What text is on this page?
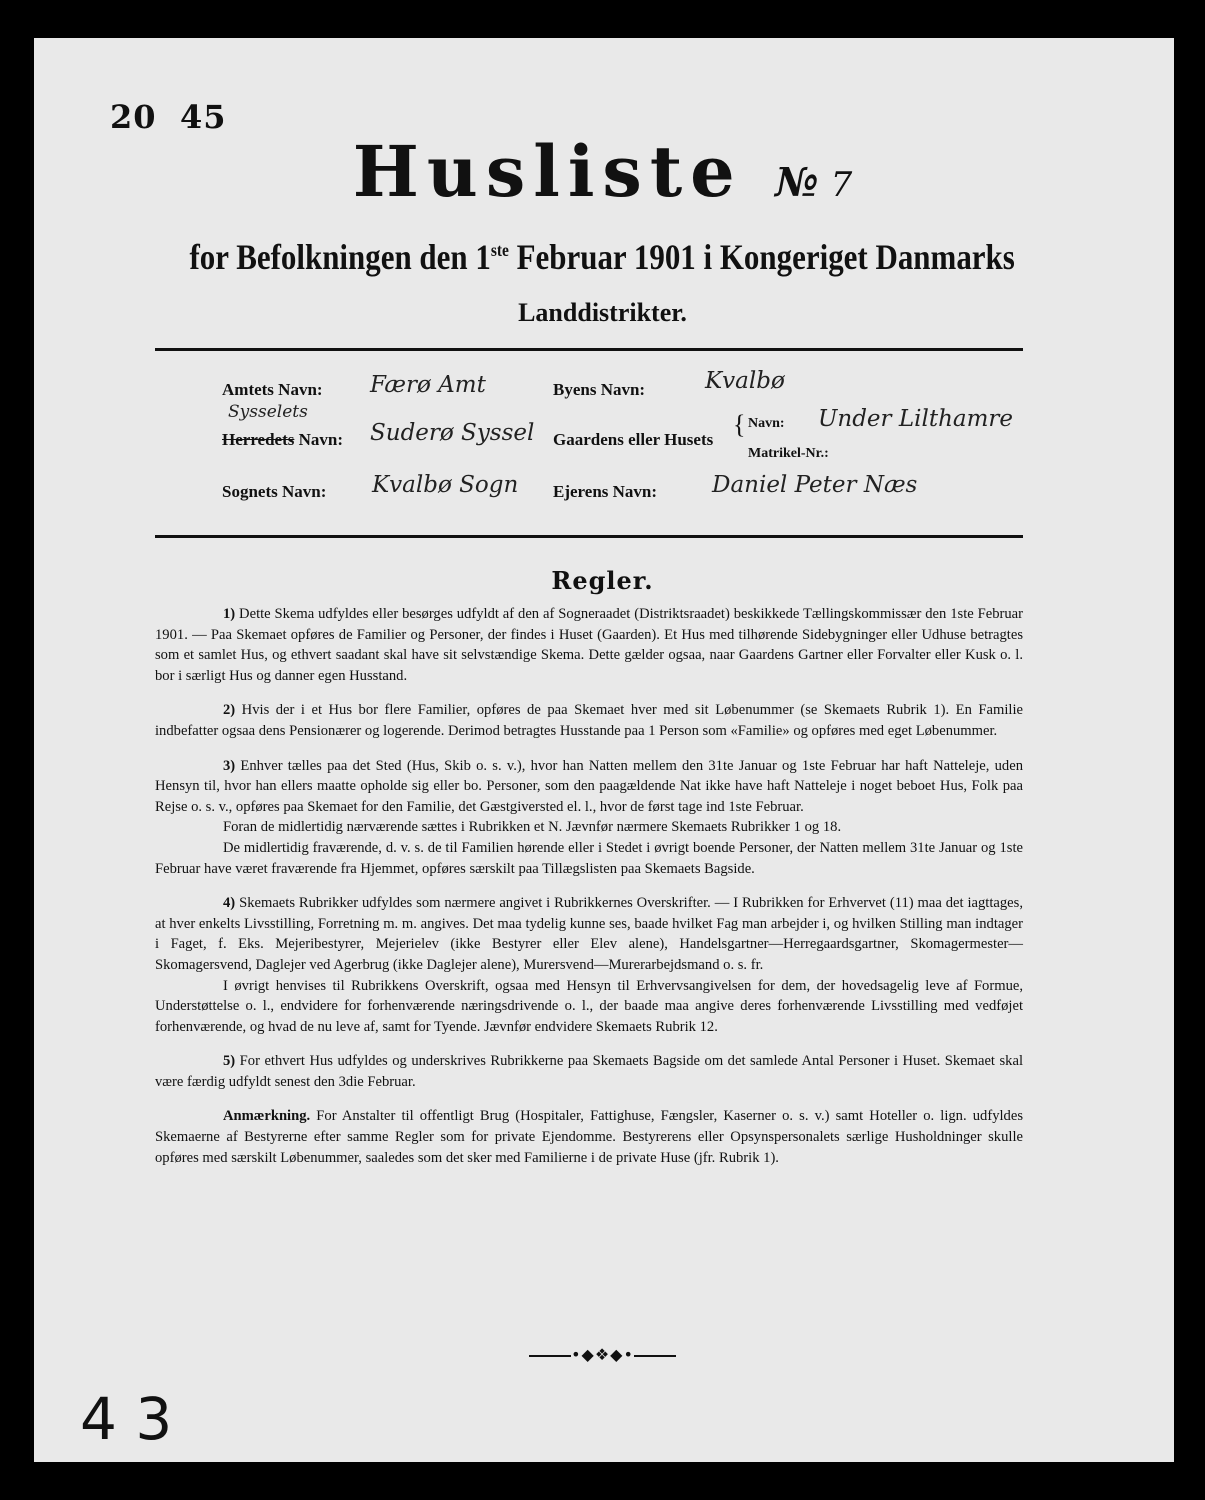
20 45
Husliste № 7
for Befolkningen den 1ste Februar 1901 i Kongeriget Danmarks
Landdistrikter.
Amtets Navn: Færø Amt	Byens Navn:	Kvalbø
Sysselets
Herredets Navn: Suderø Syssel Gaardens eller Husets
{ Navn: Under Lilthamre
Matrikel-Nr.:
Sognets Navn: Kvalbø Sogn Ejerens Navn: Daniel Peter Næs
Regler.

1) Dette Skema udfyldes eller besørges udfyldt af den af Sogneraadet (Distriktsraadet) beskikkede Tællingskommissær den 1ste Februar 1901. — Paa Skemaet opføres de Familier og Personer, der findes i Huset (Gaarden). Et Hus med tilhørende Sidebygninger eller Udhuse betragtes som et samlet Hus, og ethvert saadant skal have sit selvstændige Skema. Dette gælder ogsaa, naar Gaardens Gartner eller Forvalter eller Kusk o. l. bor i særligt Hus og danner egen Husstand.

2) Hvis der i et Hus bor flere Familier, opføres de paa Skemaet hver med sit Løbenummer (se Skemaets Rubrik 1). En Familie indbefatter ogsaa dens Pensionærer og logerende. Derimod betragtes Husstande paa 1 Person som «Familie» og opføres med eget Løbenummer.

3) Enhver tælles paa det Sted (Hus, Skib o. s. v.), hvor han Natten mellem den 31te Januar og 1ste Februar har haft Natteleje, uden Hensyn til, hvor han ellers maatte opholde sig eller bo. Personer, som den paagældende Nat ikke have haft Natteleje i noget beboet Hus, Folk paa Rejse o. s. v., opføres paa Skemaet for den Familie, det Gæstgiversted el. l., hvor de først tage ind 1ste Februar.

Foran de midlertidig nærværende sættes i Rubrikken et N. Jævnfør nærmere Skemaets Rubrikker 1 og 18.

De midlertidig fraværende, d. v. s. de til Familien hørende eller i Stedet i øvrigt boende Personer, der Natten mellem 31te Januar og 1ste Februar have været fraværende fra Hjemmet, opføres særskilt paa Tillægslisten paa Skemaets Bagside.

4) Skemaets Rubrikker udfyldes som nærmere angivet i Rubrikkernes Overskrifter. — I Rubrikken for Erhvervet (11) maa det iagttages, at hver enkelts Livsstilling, Forretning m. m. angives. Det maa tydelig kunne ses, baade hvilket Fag man arbejder i, og hvilken Stilling man indtager i Faget, f. Eks. Mejeribestyrer, Mejerielev (ikke Bestyrer eller Elev alene), Handelsgartner—Herregaardsgartner, Skomagermester—Skomagersvend, Daglejer ved Agerbrug (ikke Daglejer alene), Murersvend—Murerarbejdsmand o. s. fr.

I øvrigt henvises til Rubrikkens Overskrift, ogsaa med Hensyn til Erhvervsangivelsen for dem, der hovedsagelig leve af Formue, Understøttelse o. l., endvidere for forhenværende næringsdrivende o. l., der baade maa angive deres forhenværende Livsstilling med vedføjet forhenværende, og hvad de nu leve af, samt for Tyende. Jævnfør endvidere Skemaets Rubrik 12.

5) For ethvert Hus udfyldes og underskrives Rubrikkerne paa Skemaets Bagside om det samlede Antal Personer i Huset. Skemaet skal være færdig udfyldt senest den 3die Februar.

Anmærkning. For Anstalter til offentligt Brug (Hospitaler, Fattighuse, Fængsler, Kaserner o. s. v.) samt Hoteller o. lign. udfyldes Skemaerne af Bestyrerne efter samme Regler som for private Ejendomme. Bestyrerens eller Opsynspersonalets særlige Husholdninger skulle opføres med særskilt Løbenummer, saaledes som det sker med Familierne i de private Huse (jfr. Rubrik 1).

•◆❖◆•
4 3
